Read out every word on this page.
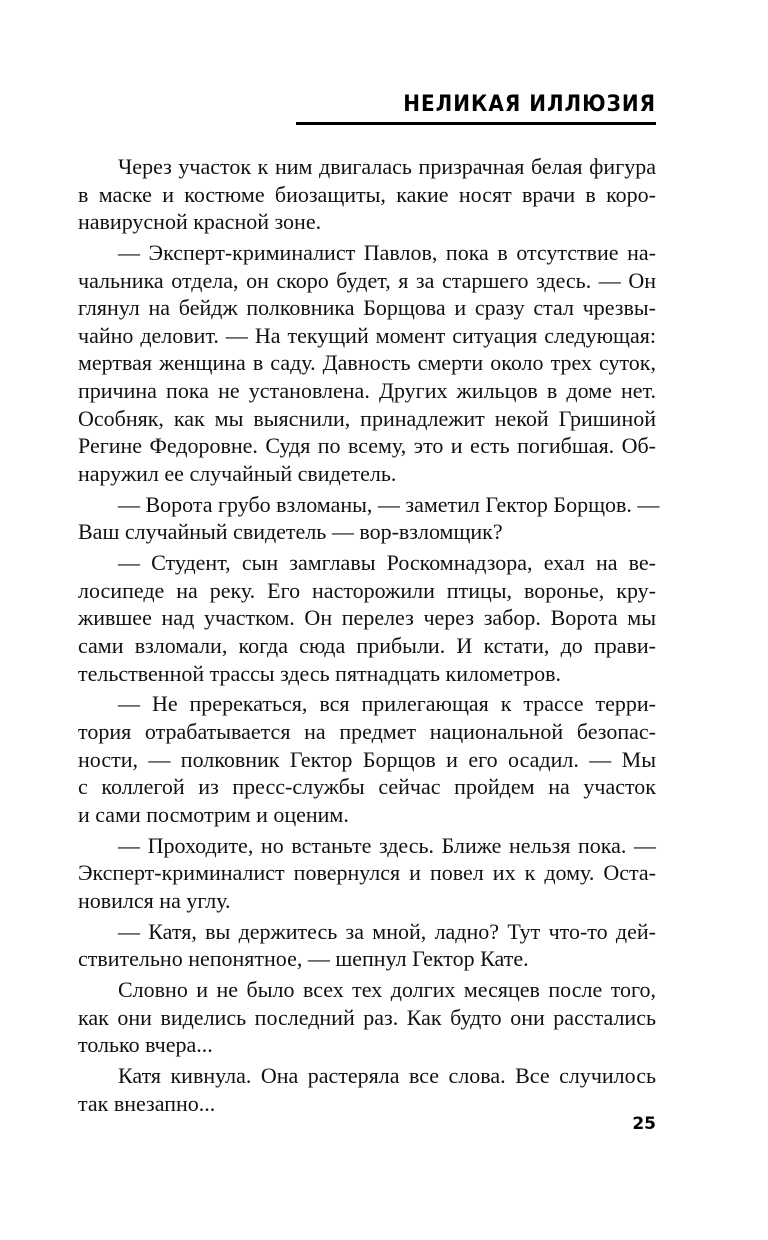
НЕЛИКАЯ ИЛЛЮЗИЯ

Через участок к ним двигалась призрачная белая фигура
в маске и костюме биозащиты, какие носят врачи в коро-
навирусной красной зоне.

— Эксперт-криминалист Павлов, пока в отсутствие на-
чальника отдела, он скоро будет, я за старшего здесь. — Он
глянул на бейдж полковника Борщова и сразу стал чрезвы-
чайно деловит. — На текущий момент ситуация следующая:
мертвая женщина в саду. Давность смерти около трех суток,
причина пока не установлена. Других жильцов в доме нет.
Особняк, как мы выяснили, принадлежит некой Гришиной
Регине Федоровне. Судя по всему, это и есть погибшая. Об-
наружил ее случайный свидетель.

— Ворота грубо взломаны, — заметил Гектор Борщов. —
Ваш случайный свидетель — вор-взломщик?

— Студент, сын замглавы Роскомнадзора, ехал на ве-
лосипеде на реку. Его насторожили птицы, воронье, кру-
жившее над участком. Он перелез через забор. Ворота мы
сами взломали, когда сюда прибыли. И кстати, до прави-
тельственной трассы здесь пятнадцать километров.

— Не пререкаться, вся прилегающая к трассе терри-
тория отрабатывается на предмет национальной безопас-
ности, — полковник Гектор Борщов и его осадил. — Мы
с коллегой из пресс-службы сейчас пройдем на участок
и сами посмотрим и оценим.

— Проходите, но встаньте здесь. Ближе нельзя пока. —
Эксперт-криминалист повернулся и повел их к дому. Оста-
новился на углу.

— Катя, вы держитесь за мной, ладно? Тут что-то дей-
ствительно непонятное, — шепнул Гектор Кате.

Словно и не было всех тех долгих месяцев после того,
как они виделись последний раз. Как будто они расстались
только вчера...

Катя кивнула. Она растеряла все слова. Все случилось
так внезапно...

25
